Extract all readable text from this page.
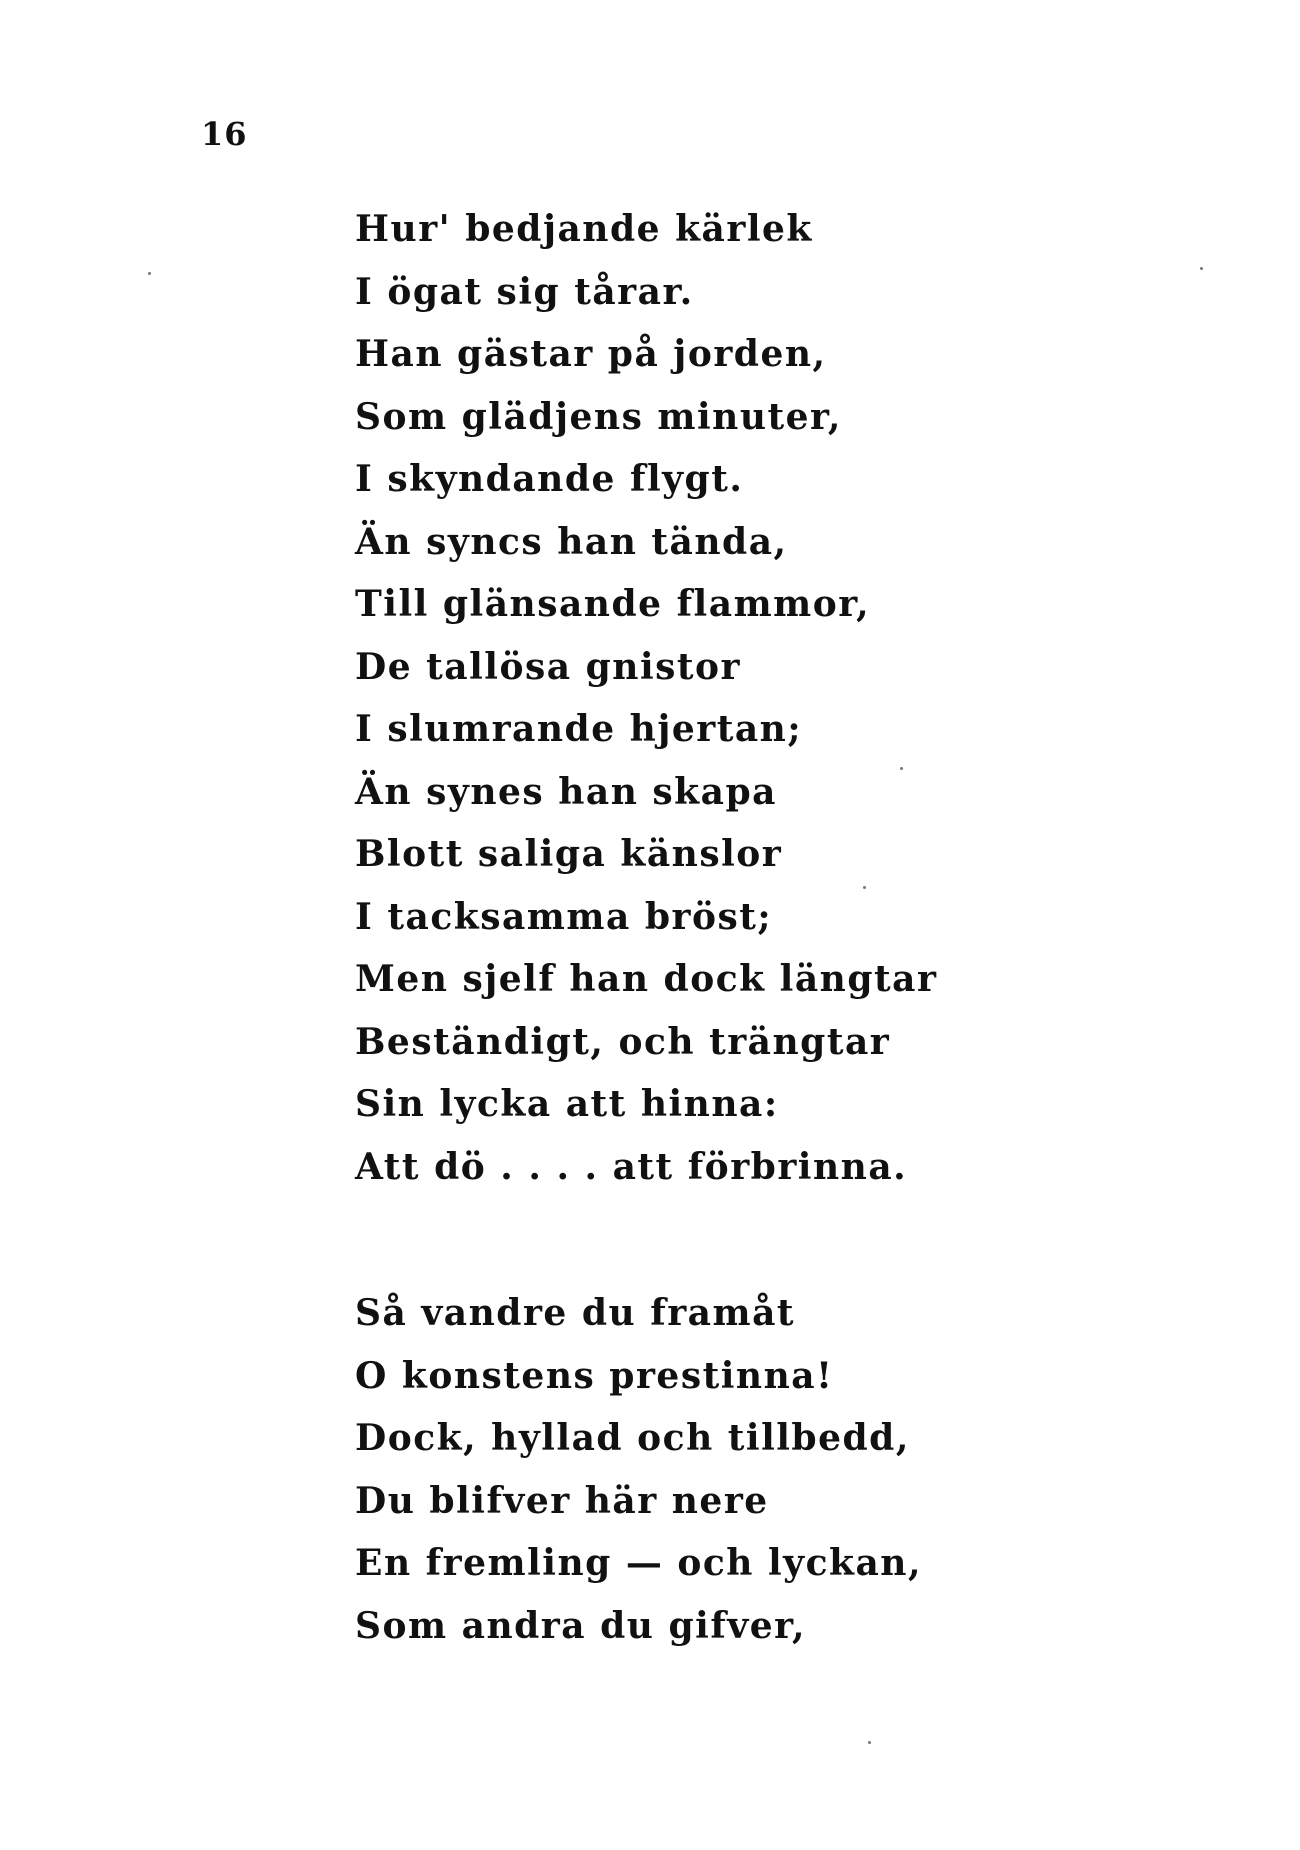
16
Hur' bedjande kärlek
I ögat sig tårar.
Han gästar på jorden,
Som glädjens minuter,
I skyndande flygt.
Än syncs han tända,
Till glänsande flammor,
De tallösa gnistor
I slumrande hjertan;
Än synes han skapa
Blott saliga känslor
I tacksamma bröst;
Men sjelf han dock längtar
Beständigt, och trängtar
Sin lycka att hinna:
Att dö . . . . att förbrinna.
Så vandre du framåt
O konstens prestinna!
Dock, hyllad och tillbedd,
Du blifver här nere
En fremling — och lyckan,
Som andra du gifver,
